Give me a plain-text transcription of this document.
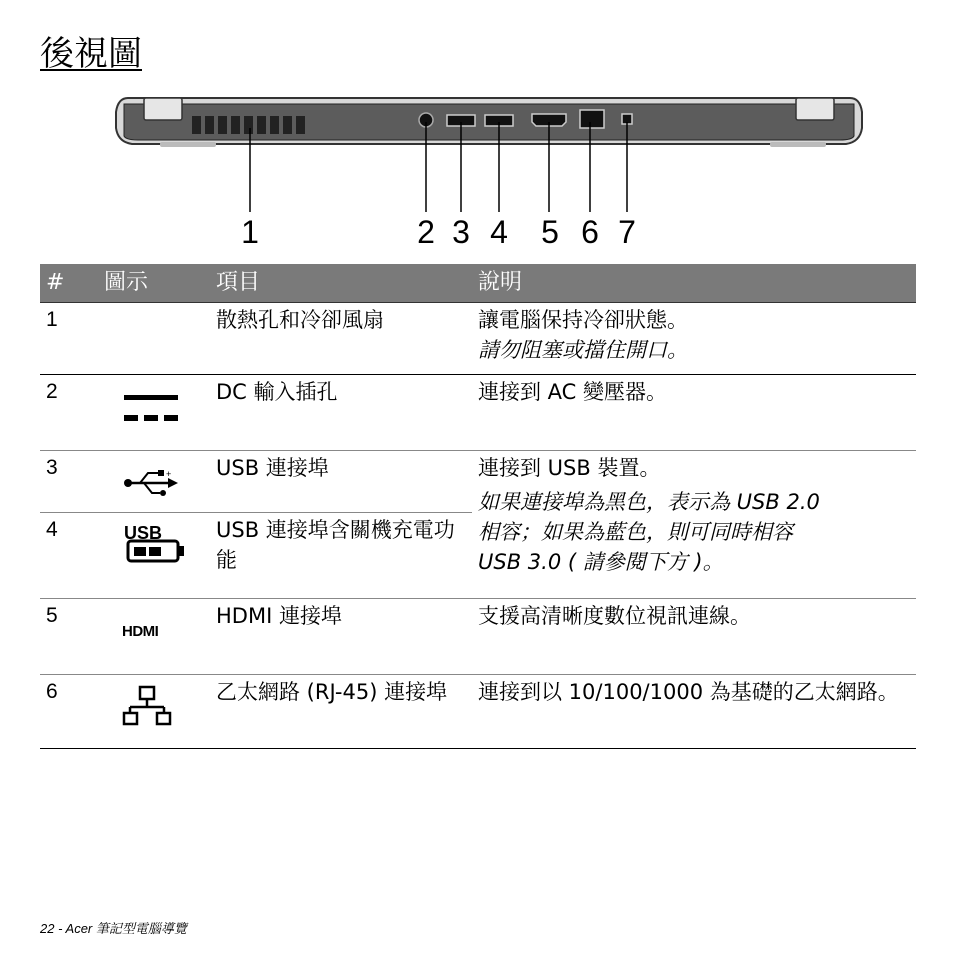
後視圖
1	2 3 4 5 6 7
#	圖示	項目	說明
1		散熱孔和冷卻風扇	讓電腦保持冷卻狀態。
請勿阻塞或擋住開口。

2		DC 輸入插孔	連接到 AC 變壓器。
3	+	USB 連接埠	連接到 USB 裝置。
如果連接埠為黑色，表示為 USB 2.0
相容；如果為藍色，則可同時相容
USB 3.0 ( 請參閱下方 )。

4	USB	USB 連接埠含關機充電功能	
5	HDMI	HDMI 連接埠	支援高清晰度數位視訊連線。
6		乙太網路 (RJ-45) 連接埠	連接到以 10/100/1000 為基礎的乙太網路。
22 - Acer 筆記型電腦導覽
